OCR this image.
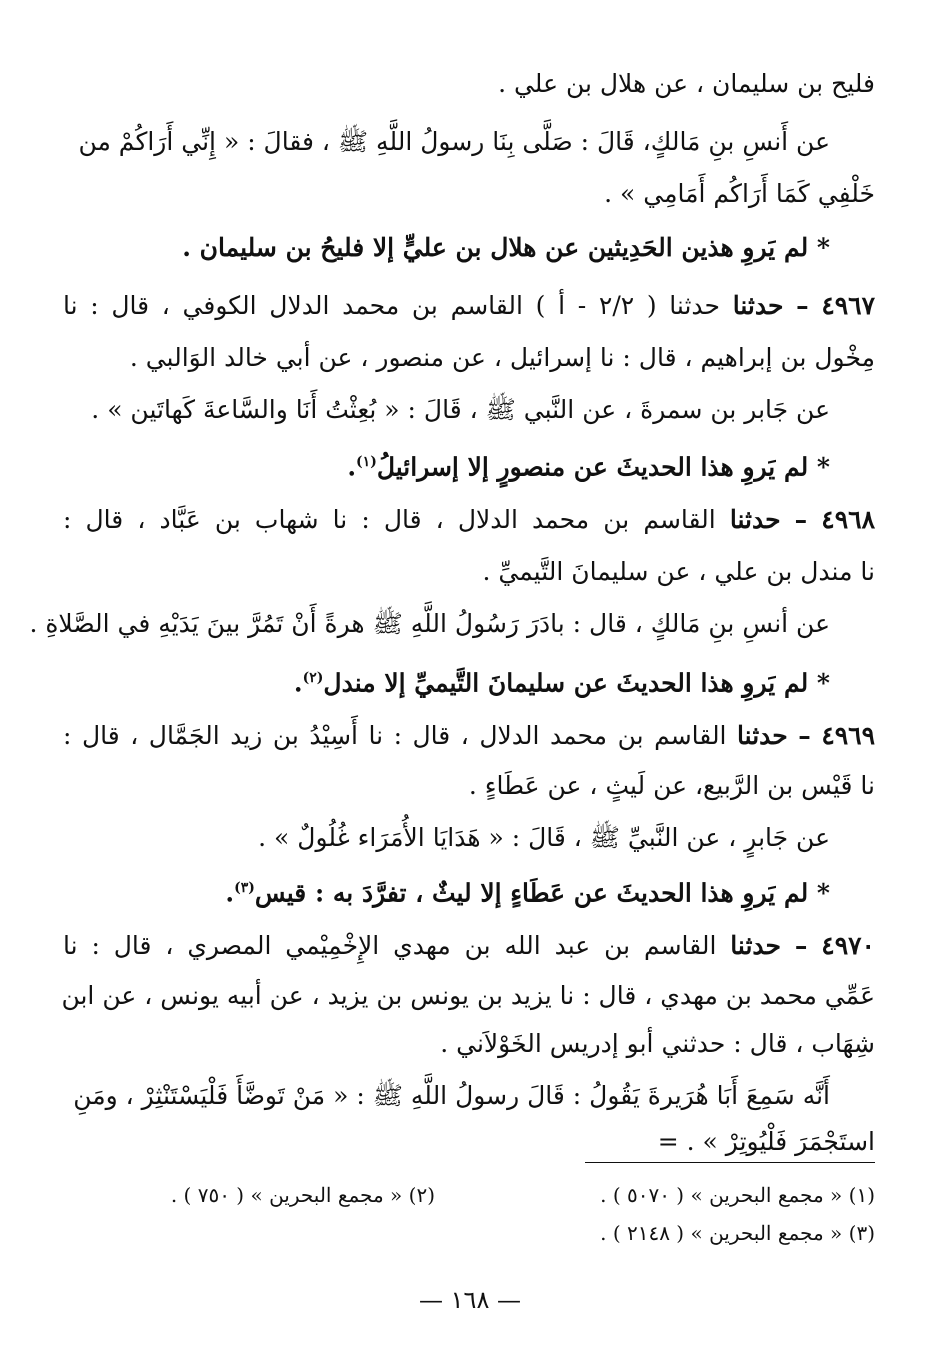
فليح بن سليمان ، عن هلال بن علي .
عن أَنسِ بنِ مَالكٍ، قَالَ : صَلَّى بِنَا رسولُ اللَّهِ ﷺ ، فقالَ : « إِنِّي أَرَاكُمْ من
خَلْفِي كَمَا أَرَاكُم أَمَامِي » .
* لم يَروِ هذين الحَدِيثين عن هلال بن عليٍّ إلا فليحُ بن سليمان .
٤٩٦٧ – حدثنا حدثنا ( ٢/٢ - أ ) القاسم بن محمد الدلال الكوفي ، قال : نا
مِخْول بن إبراهيم ، قال : نا إسرائيل ، عن منصور ، عن أبي خالد الوَالبي .
عن جَابر بن سمرةَ ، عن النَّبي ﷺ ، قَالَ : « بُعِثْتُ أَنَا والسَّاعةَ كَهاتَين » .
* لم يَروِ هذا الحديثَ عن منصورٍ إلا إسرائيلُ$^{(١)}$.
٤٩٦٨ – حدثنا القاسم بن محمد الدلال ، قال : نا شهاب بن عَبَّاد ، قال :
نا مندل بن علي ، عن سليمانَ التَّيميِّ .
عن أنسِ بنِ مَالكٍ ، قال : بادَرَ رَسُولُ اللَّهِ ﷺ هرةً أَنْ تَمُرَّ بينَ يَدَيْهِ في الصَّلاةِ .
* لم يَروِ هذا الحديثَ عن سليمانَ التَّيميِّ إلا مندل$^{(٢)}$.
٤٩٦٩ – حدثنا القاسم بن محمد الدلال ، قال : نا أَسِيْدُ بن زيد الجَمَّال ، قال :
نا قَيْس بن الرَّبيع، عن لَيثٍ ، عن عَطَاءٍ .
عن جَابرٍ ، عن النَّبيِّ ﷺ ، قَالَ : « هَدَايَا الأُمَرَاء غُلُولٌ » .
* لم يَروِ هذا الحديثَ عن عَطَاءٍ إلا ليثٌ ، تفرَّدَ به : قيس$^{(٣)}$.
٤٩٧٠ – حدثنا القاسم بن عبد الله بن مهدي الإِخْمِيْمي المصري ، قال : نا
عَمِّي محمد بن مهدي ، قال : نا يزيد بن يونس بن يزيد ، عن أبيه يونس ، عن ابن
شِهَاب ، قال : حدثني أبو إدريس الخَوْلاَني .
أَنَّه سَمِعَ أَبَا هُرَيرةَ يَقُولُ : قَالَ رسولُ اللَّهِ ﷺ : « مَنْ تَوضَّأَ فَلْيَسْتَنْثِرْ ، ومَنِ
استَجْمَرَ فَلْيُوتِرْ » . =
(١) « مجمع البحرين » ( ٥٠٧٠ ) .
(٢) « مجمع البحرين » ( ٧٥٠ ) .
(٣) « مجمع البحرين » ( ٢١٤٨ ) .
— ١٦٨ —
